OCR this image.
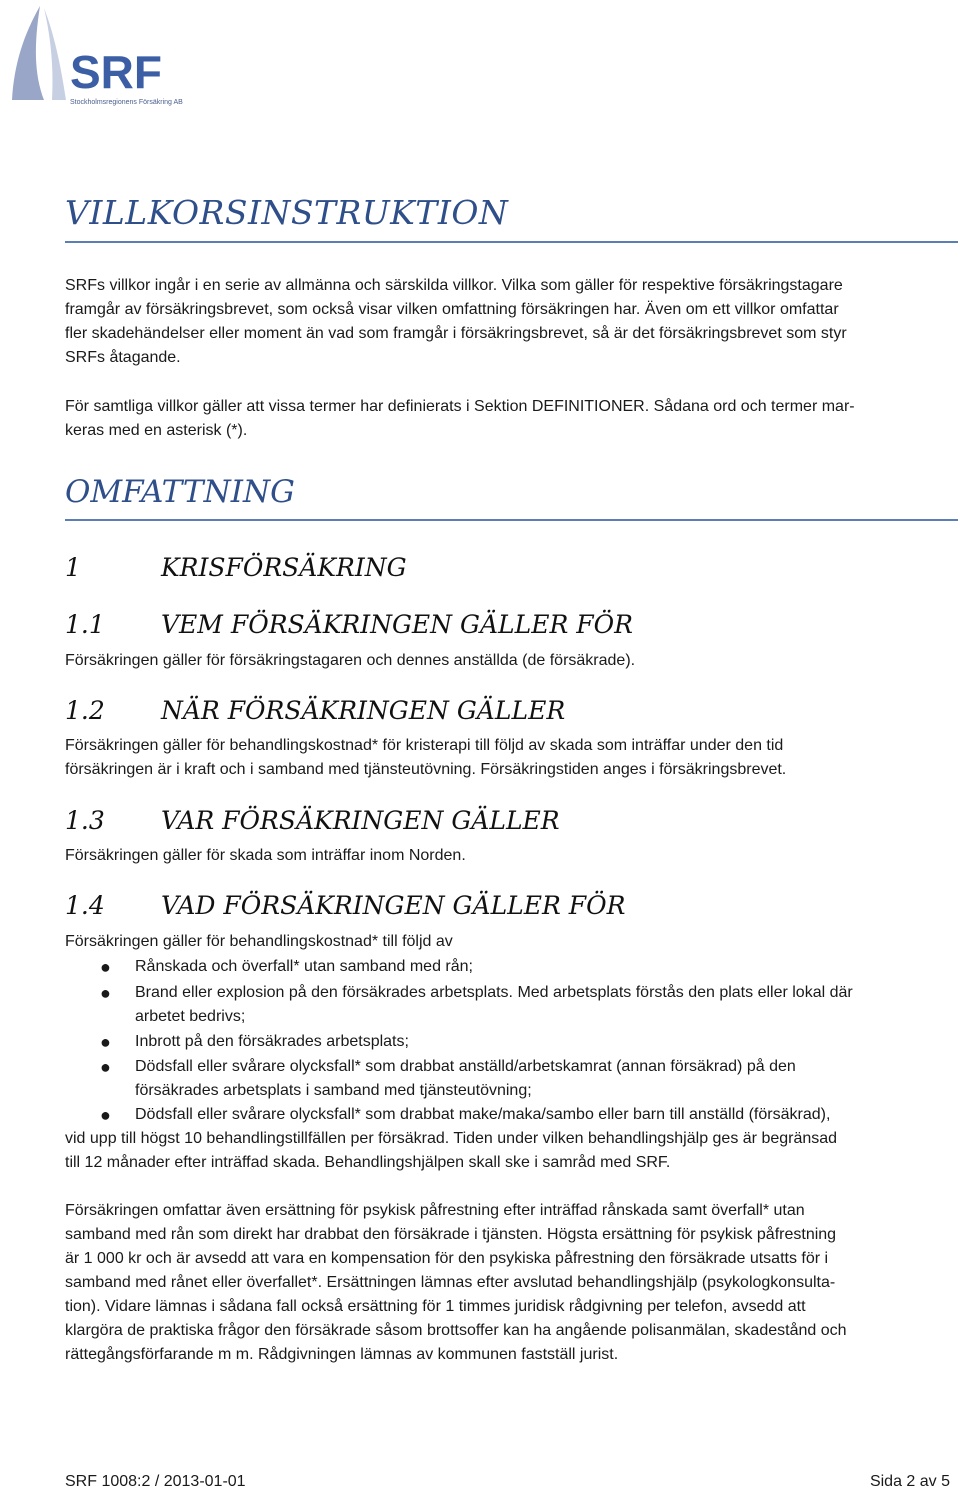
SRF
Stockholmsregionens Försäkring AB
VILLKORSINSTRUKTION
SRFs villkor ingår i en serie av allmänna och särskilda villkor. Vilka som gäller för respektive försäkringstagare
framgår av försäkringsbrevet, som också visar vilken omfattning försäkringen har. Även om ett villkor omfattar
fler skadehändelser eller moment än vad som framgår i försäkringsbrevet, så är det försäkringsbrevet som styr
SRFs åtagande.
För samtliga villkor gäller att vissa termer har definierats i Sektion DEFINITIONER. Sådana ord och termer mar-
keras med en asterisk (*).
OMFATTNING
1	KRISFÖRSÄKRING
1.1 VEM FÖRSÄKRINGEN GÄLLER FÖR
Försäkringen gäller för försäkringstagaren och dennes anställda (de försäkrade).
1.2 NÄR FÖRSÄKRINGEN GÄLLER
Försäkringen gäller för behandlingskostnad* för kristerapi till följd av skada som inträffar under den tid
försäkringen är i kraft och i samband med tjänsteutövning. Försäkringstiden anges i försäkringsbrevet.
1.3 VAR FÖRSÄKRINGEN GÄLLER
Försäkringen gäller för skada som inträffar inom Norden.
1.4 VAD FÖRSÄKRINGEN GÄLLER FÖR
Försäkringen gäller för behandlingskostnad* till följd av
● Rånskada och överfall* utan samband med rån;
● Brand eller explosion på den försäkrades arbetsplats. Med arbetsplats förstås den plats eller lokal där
arbetet bedrivs;
● Inbrott på den försäkrades arbetsplats;
● Dödsfall eller svårare olycksfall* som drabbat anställd/arbetskamrat (annan försäkrad) på den
försäkrades arbetsplats i samband med tjänsteutövning;
● Dödsfall eller svårare olycksfall* som drabbat make/maka/sambo eller barn till anställd (försäkrad),
vid upp till högst 10 behandlingstillfällen per försäkrad. Tiden under vilken behandlingshjälp ges är begränsad
till 12 månader efter inträffad skada. Behandlingshjälpen skall ske i samråd med SRF.
Försäkringen omfattar även ersättning för psykisk påfrestning efter inträffad rånskada samt överfall* utan
samband med rån som direkt har drabbat den försäkrade i tjänsten. Högsta ersättning för psykisk påfrestning
är 1 000 kr och är avsedd att vara en kompensation för den psykiska påfrestning den försäkrade utsatts för i
samband med rånet eller överfallet*. Ersättningen lämnas efter avslutad behandlingshjälp (psykologkonsulta-
tion). Vidare lämnas i sådana fall också ersättning för 1 timmes juridisk rådgivning per telefon, avsedd att
klargöra de praktiska frågor den försäkrade såsom brottsoffer kan ha angående polisanmälan, skadestånd och
rättegångsförfarande m m. Rådgivningen lämnas av kommunen fastställ jurist.
SRF 1008:2 / 2013-01-01	Sida 2 av 5
